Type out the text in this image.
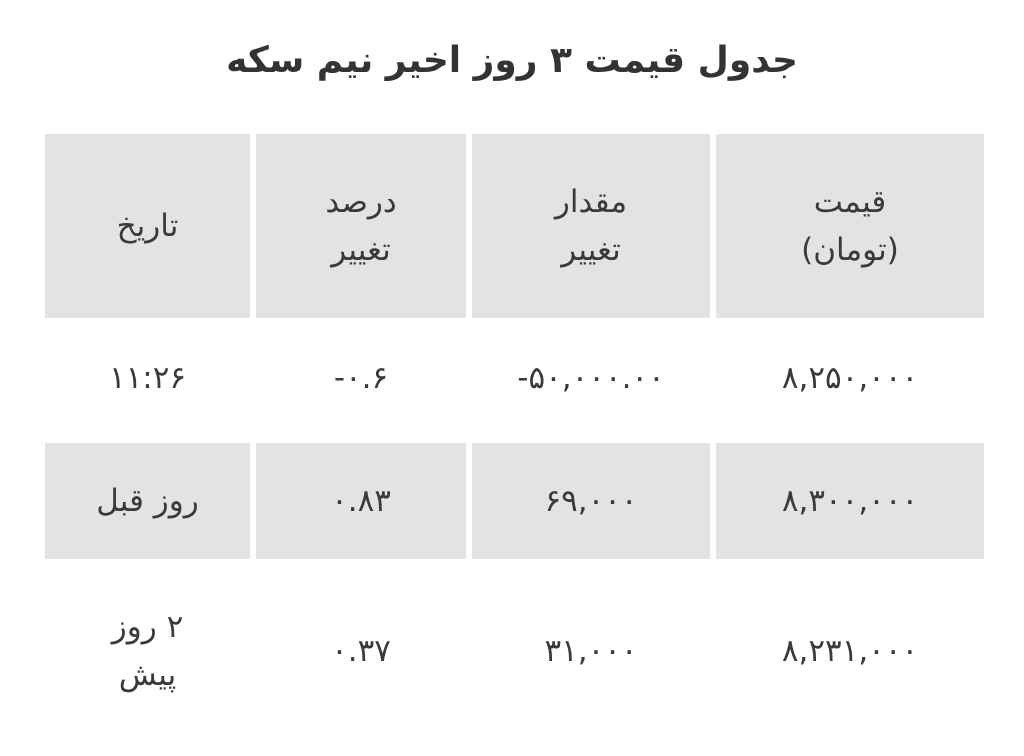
جدول قیمت ۳ روز اخیر نیم سکه
قیمت
(تومان)
مقدار
تغییر
درصد
تغییر
تاریخ
۸,۲۵۰,۰۰۰
۵۰,۰۰۰.۰۰-
۰.۶-
۱۱:۲۶
۸,۳۰۰,۰۰۰
۶۹,۰۰۰
۰.۸۳
روز قبل
۸,۲۳۱,۰۰۰
۳۱,۰۰۰
۰.۳۷
۲ روز
پیش
